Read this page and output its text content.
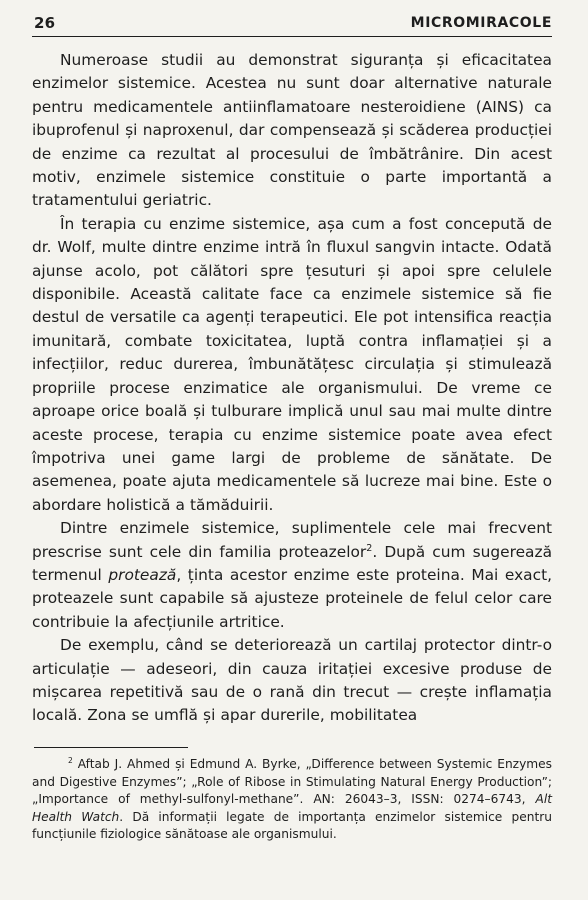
26	MICROMIRACOLE

Numeroase studii au demonstrat siguranța și eficacitatea enzimelor sistemice. Acestea nu sunt doar alternative naturale pentru medicamentele antiinflamatoare nesteroidiene (AINS) ca ibuprofenul și naproxenul, dar compensează și scăderea producției de enzime ca rezultat al procesului de îmbătrânire. Din acest motiv, enzimele sistemice constituie o parte importantă a tratamentului geriatric.

În terapia cu enzime sistemice, așa cum a fost concepută de dr. Wolf, multe dintre enzime intră în fluxul sangvin intacte. Odată ajunse acolo, pot călători spre țesuturi și apoi spre celulele disponibile. Această calitate face ca enzimele sistemice să fie destul de versatile ca agenți terapeutici. Ele pot intensifica reacția imunitară, combate toxicitatea, luptă contra inflamației și a infecțiilor, reduc durerea, îmbunătățesc circulația și stimulează propriile procese enzimatice ale organismului. De vreme ce aproape orice boală și tulburare implică unul sau mai multe dintre aceste procese, terapia cu enzime sistemice poate avea efect împotriva unei game largi de probleme de sănătate. De asemenea, poate ajuta medicamentele să lucreze mai bine. Este o abordare holistică a tămăduirii.

Dintre enzimele sistemice, suplimentele cele mai frecvent prescrise sunt cele din familia proteazelor$^2$. După cum sugerează termenul protează, ținta acestor enzime este proteina. Mai exact, proteazele sunt capabile să ajusteze proteinele de felul celor care contribuie la afecțiunile artritice.

De exemplu, când se deteriorează un cartilaj protector dintr-o articulație — adeseori, din cauza iritației excesive produse de mișcarea repetitivă sau de o rană din trecut — crește inflamația locală. Zona se umflă și apar durerile, mobilitatea

$^2$ Aftab J. Ahmed și Edmund A. Byrke, „Difference between Systemic Enzymes and Digestive Enzymes”; „Role of Ribose in Stimulating Natural Energy Production”; „Importance of methyl-sulfonyl-methane”. AN: 26043–3, ISSN: 0274–6743, Alt Health Watch. Dă informații legate de importanța enzimelor sistemice pentru funcțiunile fiziologice sănătoase ale organismului.
